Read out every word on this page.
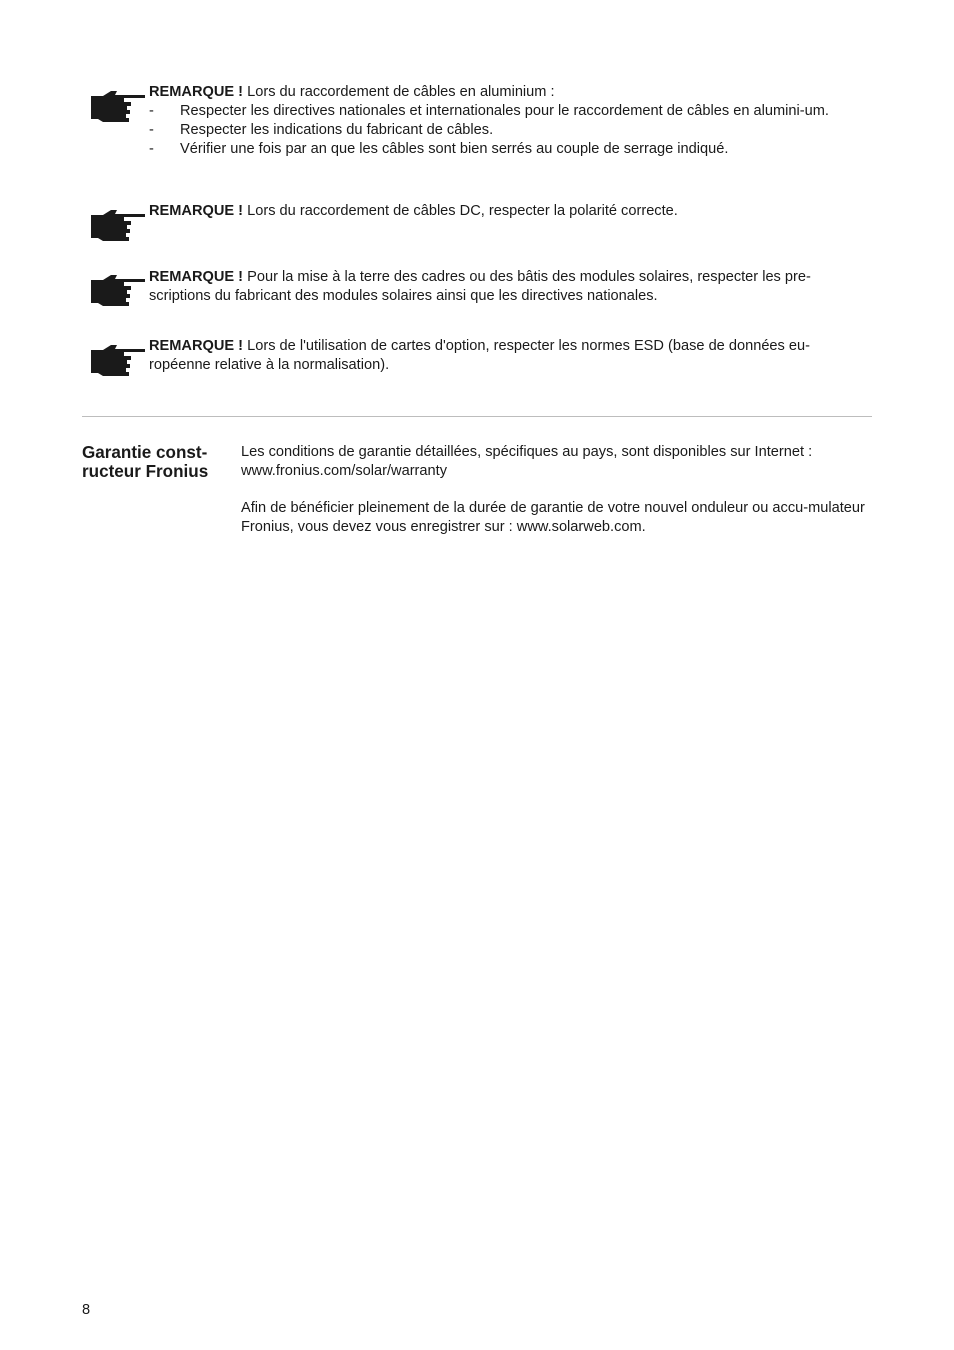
REMARQUE ! Lors du raccordement de câbles en aluminium :
- Respecter les directives nationales et internationales pour le raccordement de câbles en alumini-um.
- Respecter les indications du fabricant de câbles.
- Vérifier une fois par an que les câbles sont bien serrés au couple de serrage indiqué.
REMARQUE ! Lors du raccordement de câbles DC, respecter la polarité correcte.
REMARQUE ! Pour la mise à la terre des cadres ou des bâtis des modules solaires, respecter les pre-scriptions du fabricant des modules solaires ainsi que les directives nationales.
REMARQUE ! Lors de l'utilisation de cartes d'option, respecter les normes ESD (base de données eu-ropéenne relative à la normalisation).
Garantie const-
ructeur Fronius

Les conditions de garantie détaillées, spécifiques au pays, sont disponibles sur Internet : www.fronius.com/solar/warranty

Afin de bénéficier pleinement de la durée de garantie de votre nouvel onduleur ou accu-mulateur Fronius, vous devez vous enregistrer sur : www.solarweb.com.

8
